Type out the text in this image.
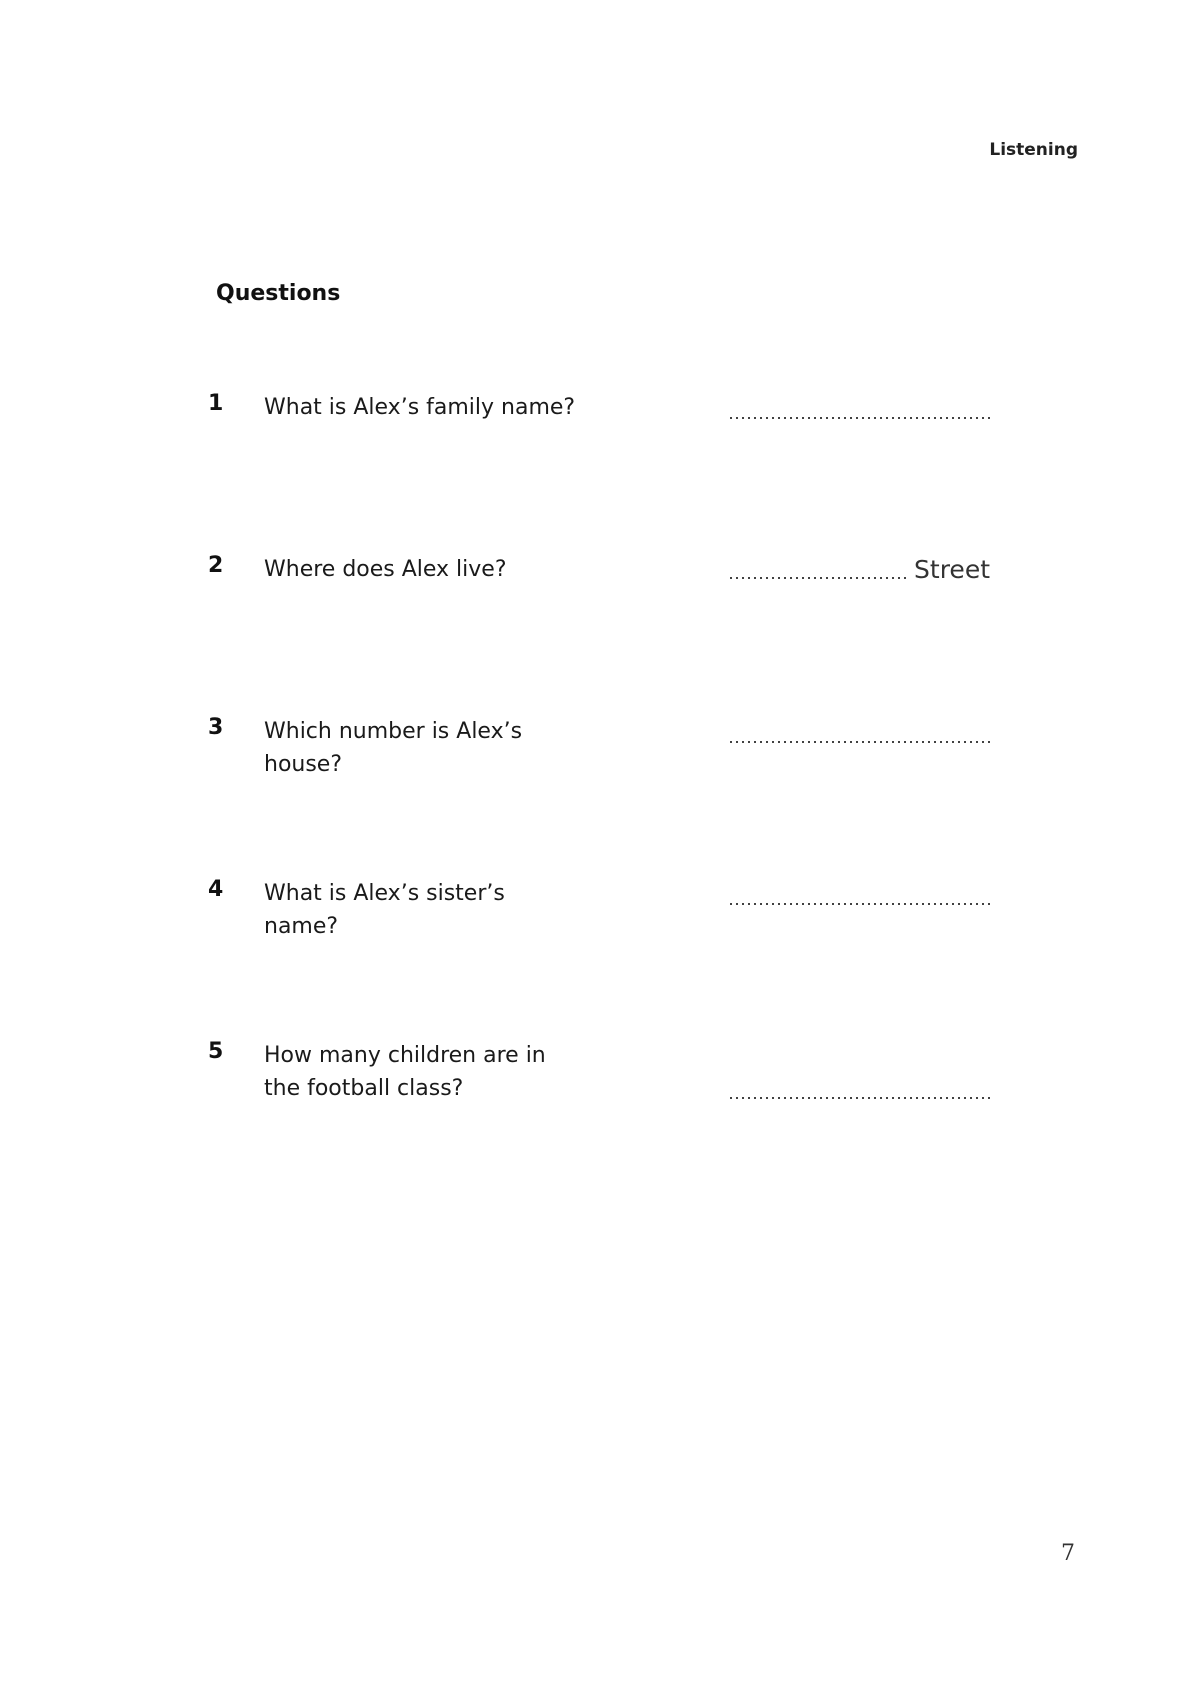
Listening
Questions
1 What is Alex’s family name?
2 Where does Alex live?	Street
3 Which number is Alex’s house?
4 What is Alex’s sister’s name?
5 How many children are in the football class?
7
